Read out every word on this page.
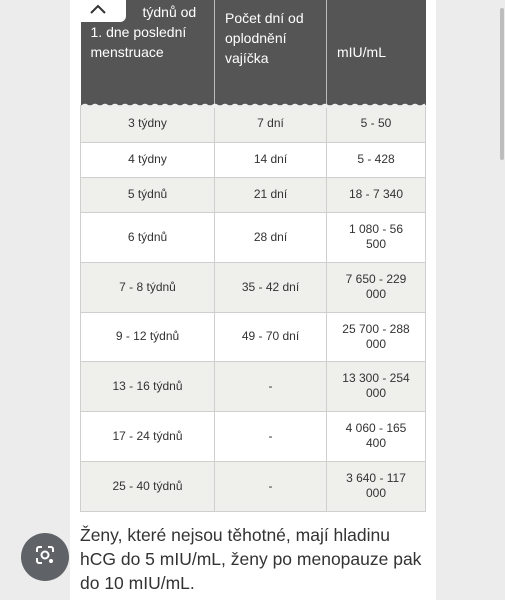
týdnů od 1. dne poslední menstruace	Počet dní od oplodnění vajíčka	mIU/mL
3 týdny	7 dní	5 - 50
4 týdny	14 dní	5 - 428
5 týdnů	21 dní	18 - 7 340
6 týdnů	28 dní	1 080 - 56 500
7 - 8 týdnů	35 - 42 dní	7 650 - 229 000
9 - 12 týdnů	49 - 70 dní	25 700 - 288 000
13 - 16 týdnů	-	13 300 - 254 000
17 - 24 týdnů	-	4 060 - 165 400
25 - 40 týdnů	-	3 640 - 117 000

Ženy, které nejsou těhotné, mají hladinu hCG do 5 mIU/mL, ženy po menopauze pak do 10 mIU/mL.
